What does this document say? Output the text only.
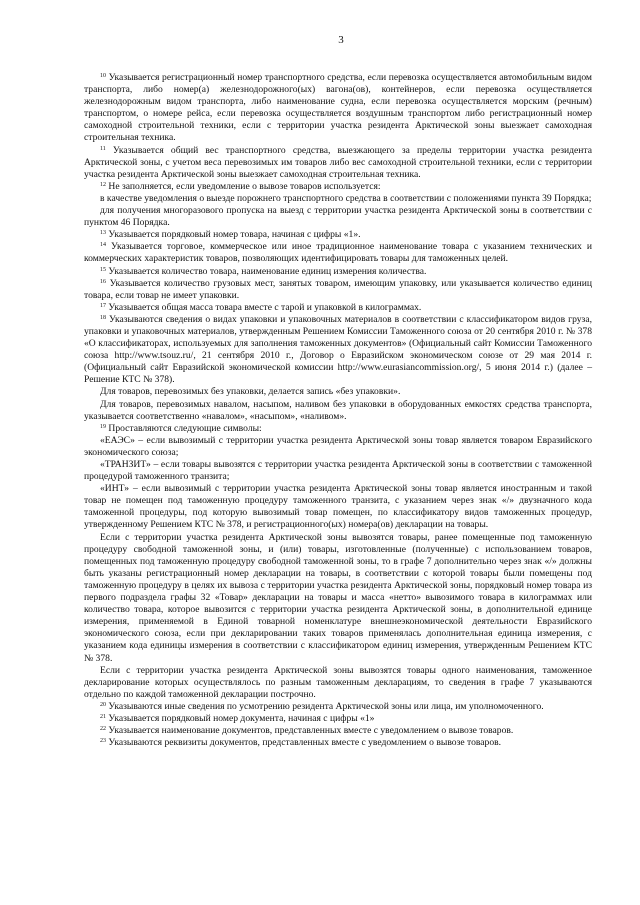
3

$^{10}$ Указывается регистрационный номер транспортного средства, если перевозка осуществляется автомобильным видом транспорта, либо номер(а) железнодорожного(ых) вагона(ов), контейнеров, если перевозка осуществляется железнодорожным видом транспорта, либо наименование судна, если перевозка осуществляется морским (речным) транспортом, о номере рейса, если перевозка осуществляется воздушным транспортом либо регистрационный номер самоходной строительной техники, если с территории участка резидента Арктической зоны выезжает самоходная строительная техника.

$^{11}$ Указывается общий вес транспортного средства, выезжающего за пределы территории участка резидента Арктической зоны, с учетом веса перевозимых им товаров либо вес самоходной строительной техники, если с территории участка резидента Арктической зоны выезжает самоходная строительная техника.

$^{12}$ Не заполняется, если уведомление о вывозе товаров используется:

в качестве уведомления о выезде порожнего транспортного средства в соответствии с положениями пункта 39 Порядка;

для получения многоразового пропуска на выезд с территории участка резидента Арктической зоны в соответствии с пунктом 46 Порядка.

$^{13}$ Указывается порядковый номер товара, начиная с цифры «1».

$^{14}$ Указывается торговое, коммерческое или иное традиционное наименование товара с указанием технических и коммерческих характеристик товаров, позволяющих идентифицировать товары для таможенных целей.

$^{15}$ Указывается количество товара, наименование единиц измерения количества.

$^{16}$ Указывается количество грузовых мест, занятых товаром, имеющим упаковку, или указывается количество единиц товара, если товар не имеет упаковки.

$^{17}$ Указывается общая масса товара вместе с тарой и упаковкой в килограммах.

$^{18}$ Указываются сведения о видах упаковки и упаковочных материалов в соответствии с классификатором видов груза, упаковки и упаковочных материалов, утвержденным Решением Комиссии Таможенного союза от 20 сентября 2010 г. № 378 «О классификаторах, используемых для заполнения таможенных документов» (Официальный сайт Комиссии Таможенного союза http://www.tsouz.ru/, 21 сентября 2010 г., Договор о Евразийском экономическом союзе от 29 мая 2014 г. (Официальный сайт Евразийской экономической комиссии http://www.eurasiancommission.org/, 5 июня 2014 г.) (далее – Решение КТС № 378).

Для товаров, перевозимых без упаковки, делается запись «без упаковки».

Для товаров, перевозимых навалом, насыпом, наливом без упаковки в оборудованных емкостях средства транспорта, указывается соответственно «навалом», «насыпом», «наливом».

$^{19}$ Проставляются следующие символы:

«ЕАЭС» – если вывозимый с территории участка резидента Арктической зоны товар является товаром Евразийского экономического союза;

«ТРАНЗИТ» – если товары вывозятся с территории участка резидента Арктической зоны в соответствии с таможенной процедурой таможенного транзита;

«ИНТ» – если вывозимый с территории участка резидента Арктической зоны товар является иностранным и такой товар не помещен под таможенную процедуру таможенного транзита, с указанием через знак «/» двузначного кода таможенной процедуры, под которую вывозимый товар помещен, по классификатору видов таможенных процедур, утвержденному Решением КТС № 378, и регистрационного(ых) номера(ов) декларации на товары.

Если с территории участка резидента Арктической зоны вывозятся товары, ранее помещенные под таможенную процедуру свободной таможенной зоны, и (или) товары, изготовленные (полученные) с использованием товаров, помещенных под таможенную процедуру свободной таможенной зоны, то в графе 7 дополнительно через знак «/» должны быть указаны регистрационный номер декларации на товары, в соответствии с которой товары были помещены под таможенную процедуру в целях их вывоза с территории участка резидента Арктической зоны, порядковый номер товара из первого подраздела графы 32 «Товар» декларации на товары и масса «нетто» вывозимого товара в килограммах или количество товара, которое вывозится с территории участка резидента Арктической зоны, в дополнительной единице измерения, применяемой в Единой товарной номенклатуре внешнеэкономической деятельности Евразийского экономического союза, если при декларировании таких товаров применялась дополнительная единица измерения, с указанием кода единицы измерения в соответствии с классификатором единиц измерения, утвержденным Решением КТС № 378.

Если с территории участка резидента Арктической зоны вывозятся товары одного наименования, таможенное декларирование которых осуществлялось по разным таможенным декларациям, то сведения в графе 7 указываются отдельно по каждой таможенной декларации построчно.

$^{20}$ Указываются иные сведения по усмотрению резидента Арктической зоны или лица, им уполномоченного.

$^{21}$ Указывается порядковый номер документа, начиная с цифры «1»

$^{22}$ Указывается наименование документов, представленных вместе с уведомлением о вывозе товаров.

$^{23}$ Указываются реквизиты документов, представленных вместе с уведомлением о вывозе товаров.
